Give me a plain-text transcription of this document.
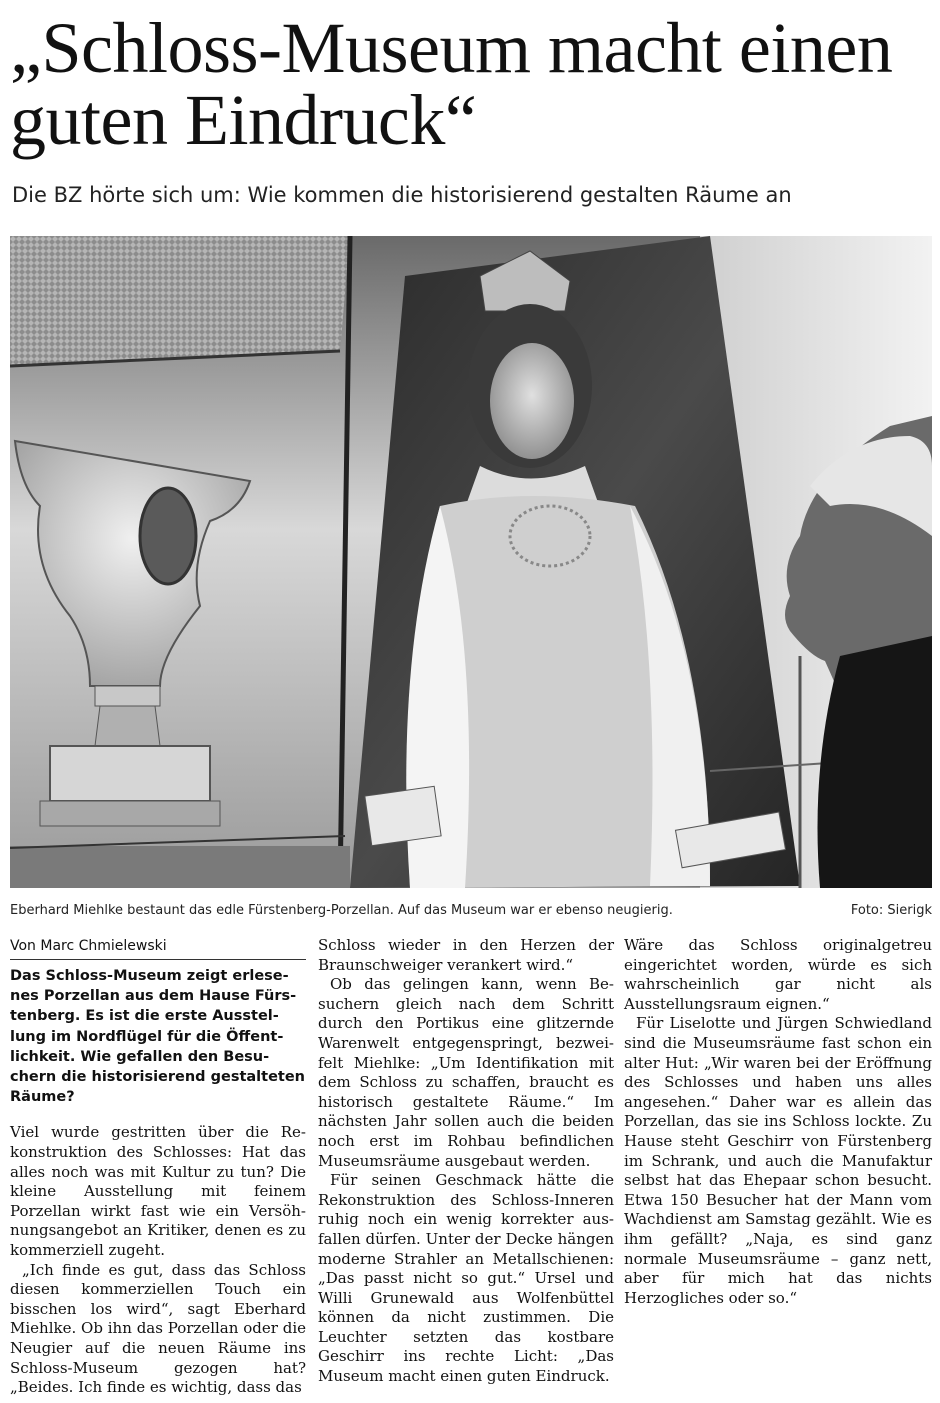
„Schloss-Museum macht einen guten Eindruck“
Die BZ hörte sich um: Wie kommen die historisierend gestalten Räume an
Eberhard Miehlke bestaunt das edle Fürstenberg-Porzellan. Auf das Museum war er ebenso neugierig.	Foto: Sierigk
Von Marc Chmielewski

Das Schloss-Museum zeigt erlesenes Porzellan aus dem Hause Fürstenberg. Es ist die erste Ausstellung im Nordflügel für die Öffentlichkeit. Wie gefallen den Besuchern die historisierend gestalteten Räume?

Viel wurde gestritten über die Rekonstruktion des Schlosses: Hat das alles noch was mit Kultur zu tun? Die kleine Ausstellung mit feinem Porzellan wirkt fast wie ein Versöhnungsangebot an Kritiker, denen es zu kommerziell zugeht.

„Ich finde es gut, dass das Schloss diesen kommerziellen Touch ein bisschen los wird“, sagt Eberhard Miehlke. Ob ihn das Porzellan oder die Neugier auf die neuen Räume ins Schloss-Museum gezogen hat? „Beides. Ich finde es wichtig, dass das

Schloss wieder in den Herzen der Braunschweiger verankert wird.“

Ob das gelingen kann, wenn Besuchern gleich nach dem Schritt durch den Portikus eine glitzernde Warenwelt entgegenspringt, bezweifelt Miehlke: „Um Identifikation mit dem Schloss zu schaffen, braucht es historisch gestaltete Räume.“ Im nächsten Jahr sollen auch die beiden noch erst im Rohbau befindlichen Museumsräume ausgebaut werden.

Für seinen Geschmack hätte die Rekonstruktion des Schloss-Inneren ruhig noch ein wenig korrekter ausfallen dürfen. Unter der Decke hängen moderne Strahler an Metallschienen: „Das passt nicht so gut.“ Ursel und Willi Grunewald aus Wolfenbüttel können da nicht zustimmen. Die Leuchter setzten das kostbare Geschirr ins rechte Licht: „Das Museum macht einen guten Eindruck.

Wäre das Schloss originalgetreu eingerichtet worden, würde es sich wahrscheinlich gar nicht als Ausstellungsraum eignen.“

Für Liselotte und Jürgen Schwiedland sind die Museumsräume fast schon ein alter Hut: „Wir waren bei der Eröffnung des Schlosses und haben uns alles angesehen.“ Daher war es allein das Porzellan, das sie ins Schloss lockte. Zu Hause steht Geschirr von Fürstenberg im Schrank, und auch die Manufaktur selbst hat das Ehepaar schon besucht. Etwa 150 Besucher hat der Mann vom Wachdienst am Samstag gezählt. Wie es ihm gefällt? „Naja, es sind ganz normale Museumsräume – ganz nett, aber für mich hat das nichts Herzogliches oder so.“
